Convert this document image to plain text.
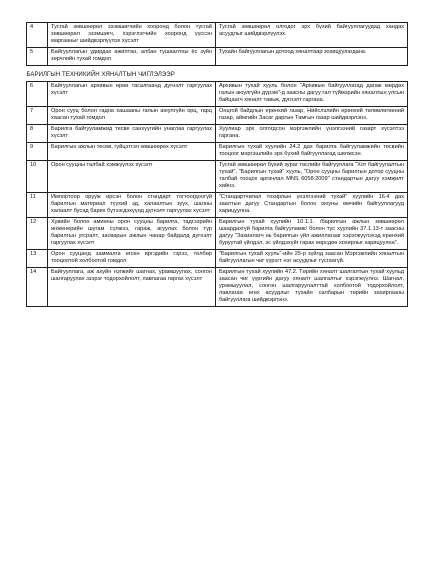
4	Тусгай зөвшөөрөл эзэмшигчийн хооронд болон тусгай зөвшөөрөл эзэмшигч, хэрэглэгчийн хооронд үүссэн маргааныг шийдвэрлүүлэх хүсэлт	Тусгай зөвшөөрөл олгодог эрх бүхий байгууллагуудад хандах асуудлыг шийдвэрлүүлэх.
5	Байгууллагын удирдах ажилтан, албан тушаалтны ёс зүйн зөрчлийн тухай гомдол	Тухайн байгууллагын дотоод хяналтаар зохицуулагдана.
БАРИЛГЫН ТЕХНИКИЙН ХЯНАЛТЫН ЧИГЛЭЛЭЭР		
6	Байгууллагын архивын өрөө тасалгаанд дүгнэлт гаргуулах хүсэлт	Архивын тухай хууль болон "Архивын байгууллагад дагаж мөрдөх галын аюулгүйн дүрэм"-д заасны дагуу гал түймэрийн хяналтын улсын байцаагч хяналт тавьж, дүгнэлт гаргана.
7	Орон сууц болон гадна хашааны галын аюулгүйн орц, гарц хаасан тухай гомдол	Онцгой байдлын ерөнхий газар, Нийслэлийн ерөнхий төлөвлөгөөний газар, аймгийн Засаг даргын Тамгын газар шийдвэрлэнэ.
8	Барилга байгууламжид тесве санхүүгийн унаглаа гаргуулах хүсэлт	Хуулиар эрх олгогдсон мэргэжлийн үнэлгээний газарт хүсэлтээ гаргана.
9	Барилгын ажлын тесөв, гүйцэтгэл зөвшөөрөх хүсэлт	Барилгын тухай хуулийн 24.2 дах барилга байгууламжийн төсвийн тооцоог мэргэшлийн эрх бүхий байгууллагад шилжсэн.
10	Орон сууцны талбай хэмжүүлэх хүсэлт	Тусгай зөвшөөрөл бүхий зураг төслийн байгууллага "Хот байгуулалтын тухай", "Барилгын тухай" хууль, "Орон сууцны барилгын дотор сууцны талбай тооцох аргачлал MNS 6058:2009" стандартын дагуу хэмжилт хийнэ.
11	Импортоор орууж ирсэн болон стандарт тогтоогдоогүй барилгын материал түүхий эд, халаалтын зуух, шалны халаалт бусад барих бүтээгдэхүүнд дүгнэлт гаргуулах хүсэлт	"Стандартчилал тохирлын үнэлгээний тухай" хуулийн 16.4 дах заалтын дагуу Стандартын болон оюуны өмчийн байгууллагууд харицуулна.
12	Хувийн болон аминны орон сууцны барилга, тадгээрийн инженерийн шугам сүлжээ, гараж, агуулах болон түр барилгын угсралт, засварын ажлын чанар байдалд дүгнэлт гаргуулах хүсэлт	Барилгын тухай хуулийн 10.1.1. /барилгын ажлын зөвшөөрөл шаардахгүй барилга байгууламж/ болон тус хуулийн 37.1.13-т заасны дагуу "Захиалагч нь барилгын үйл ажиллагааг хэрэгжүүлэхэд ерөнхий буруутай үйлдэл, эс үйлдэхүйг гарах өөрсдөө хохирлыг харицуулна".
13	Орон сууцанд заммалга өгсөн иргэдийн гэрээ, төлбөр тооцоотой холбоотой гомдол	"Барилгын тухай хууль"-ийн 25-р зүйлд заасан Мэргэжлийн хяналтын байгууллагын чиг үүрэгт нэг асуудлыг тусгаагүй.
14	Байгууллага, аж ахуйн нэгжийг шагнах, урамшуулах, сонгон шалгаруулах эзэрэг тодорхойлолт, лавлагаа гаргах хүсэлт	Барилгын тухай хуулийн 47.2. Төрийн хяналт шалгалтын тухай хуульд заасан чиг үүргийн дагуу хяналт шалгалтыг хэрэгжүүлнэ. Шагнал, урамшуулал, сонгон шалгаруулалттай холбоотой тодорхойлолт, лавлагаа өгөх асуудлыг тухайн салбарын төрийн захиргааны байгууллага шийдвэрлэнэ.
